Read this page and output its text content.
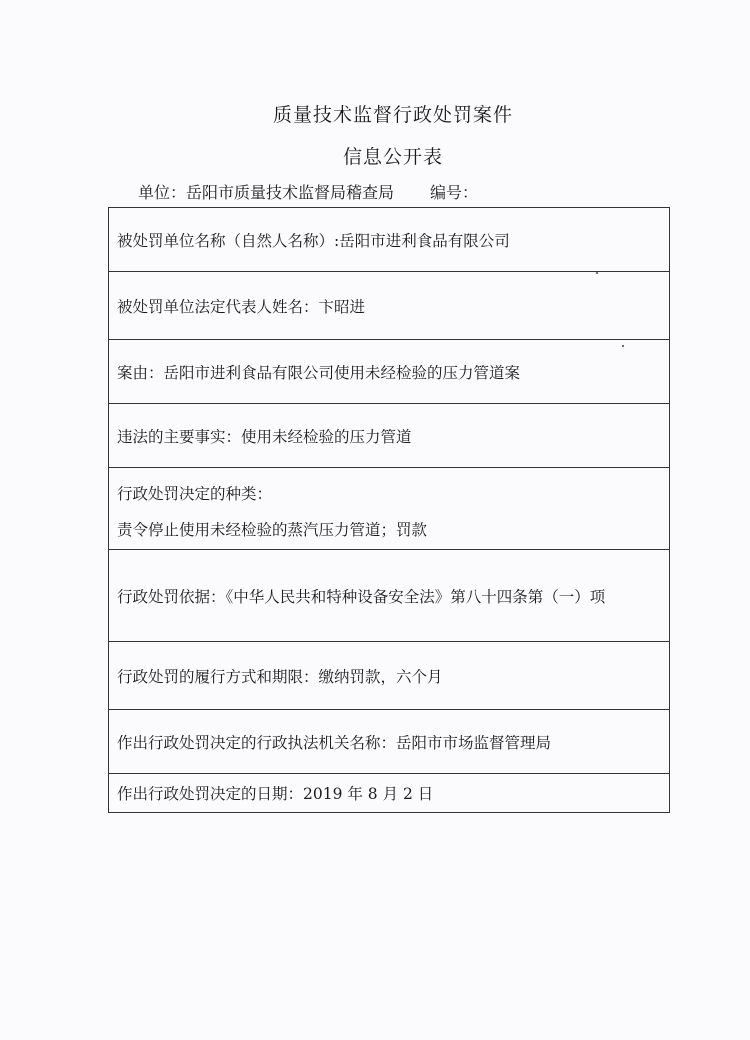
质量技术监督行政处罚案件
信息公开表
单位：岳阳市质量技术监督局稽查局 编号：
被处罚单位名称（自然人名称）:岳阳市进利食品有限公司
被处罚单位法定代表人姓名：卞昭进
案由：岳阳市进利食品有限公司使用未经检验的压力管道案
违法的主要事实：使用未经检验的压力管道
行政处罚决定的种类：
责令停止使用未经检验的蒸汽压力管道；罚款
行政处罚依据：《中华人民共和特种设备安全法》第八十四条第（一）项
行政处罚的履行方式和期限：缴纳罚款，六个月
作出行政处罚决定的行政执法机关名称：岳阳市市场监督管理局
作出行政处罚决定的日期：2019 年 8 月 2 日
